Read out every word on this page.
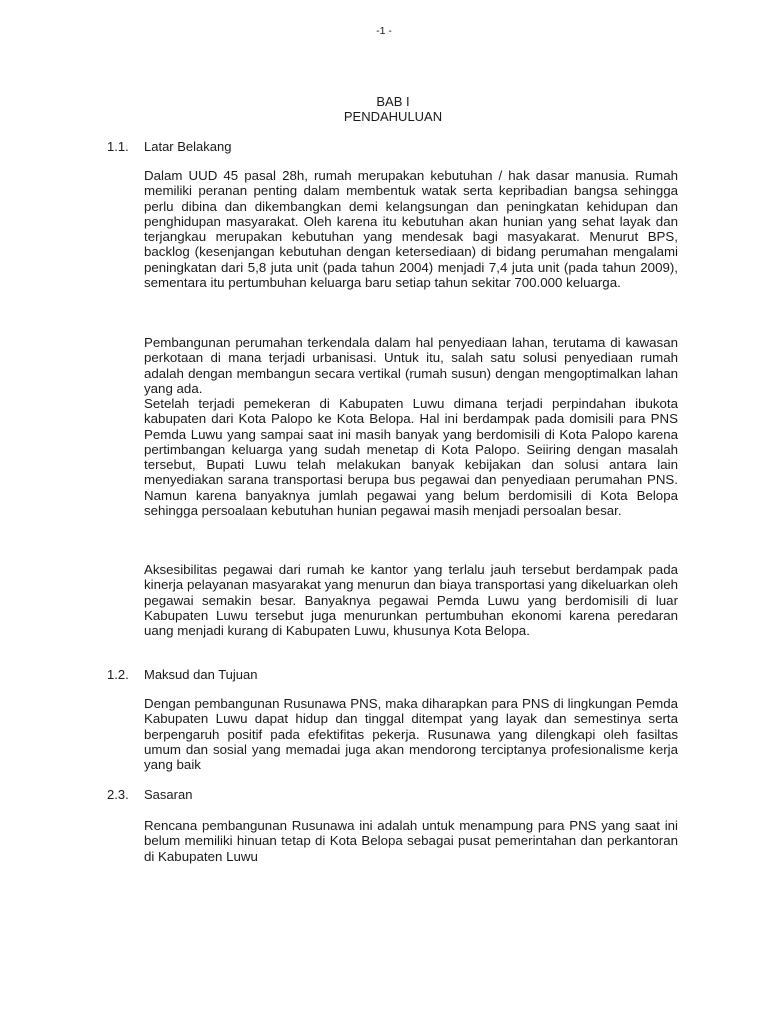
-1 -
BAB I
PENDAHULUAN
1.1. Latar Belakang
Dalam UUD 45 pasal 28h, rumah merupakan kebutuhan / hak dasar manusia. Rumah memiliki peranan penting dalam membentuk watak serta kepribadian bangsa sehingga perlu dibina dan dikembangkan demi kelangsungan dan peningkatan kehidupan dan penghidupan masyarakat. Oleh karena itu kebutuhan akan hunian yang sehat layak dan terjangkau merupakan kebutuhan yang mendesak bagi masyakarat. Menurut BPS, backlog (kesenjangan kebutuhan dengan ketersediaan) di bidang perumahan mengalami peningkatan dari 5,8 juta unit (pada tahun 2004) menjadi 7,4 juta unit (pada tahun 2009), sementara itu pertumbuhan keluarga baru setiap tahun sekitar 700.000 keluarga.
Pembangunan perumahan terkendala dalam hal penyediaan lahan, terutama di kawasan perkotaan di mana terjadi urbanisasi. Untuk itu, salah satu solusi penyediaan rumah adalah dengan membangun secara vertikal (rumah susun) dengan mengoptimalkan lahan yang ada.
Setelah terjadi pemekeran di Kabupaten Luwu dimana terjadi perpindahan ibukota kabupaten dari Kota Palopo ke Kota Belopa. Hal ini berdampak pada domisili para PNS Pemda Luwu yang sampai saat ini masih banyak yang berdomisili di Kota Palopo karena pertimbangan keluarga yang sudah menetap di Kota Palopo. Seiiring dengan masalah tersebut, Bupati Luwu telah melakukan banyak kebijakan dan solusi antara lain menyediakan sarana transportasi berupa bus pegawai dan penyediaan perumahan PNS. Namun karena banyaknya jumlah pegawai yang belum berdomisili di Kota Belopa sehingga persoalaan kebutuhan hunian pegawai masih menjadi persoalan besar.
Aksesibilitas pegawai dari rumah ke kantor yang terlalu jauh tersebut berdampak pada kinerja pelayanan masyarakat yang menurun dan biaya transportasi yang dikeluarkan oleh pegawai semakin besar. Banyaknya pegawai Pemda Luwu yang berdomisili di luar Kabupaten Luwu tersebut juga menurunkan pertumbuhan ekonomi karena peredaran uang menjadi kurang di Kabupaten Luwu, khusunya Kota Belopa.
1.2. Maksud dan Tujuan
Dengan pembangunan Rusunawa PNS, maka diharapkan para PNS di lingkungan Pemda Kabupaten Luwu dapat hidup dan tinggal ditempat yang layak dan semestinya serta berpengaruh positif pada efektifitas pekerja. Rusunawa yang dilengkapi oleh fasiltas umum dan sosial yang memadai juga akan mendorong terciptanya profesionalisme kerja yang baik
2.3. Sasaran
Rencana pembangunan Rusunawa ini adalah untuk menampung para PNS yang saat ini belum memiliki hinuan tetap di Kota Belopa sebagai pusat pemerintahan dan perkantoran di Kabupaten Luwu
